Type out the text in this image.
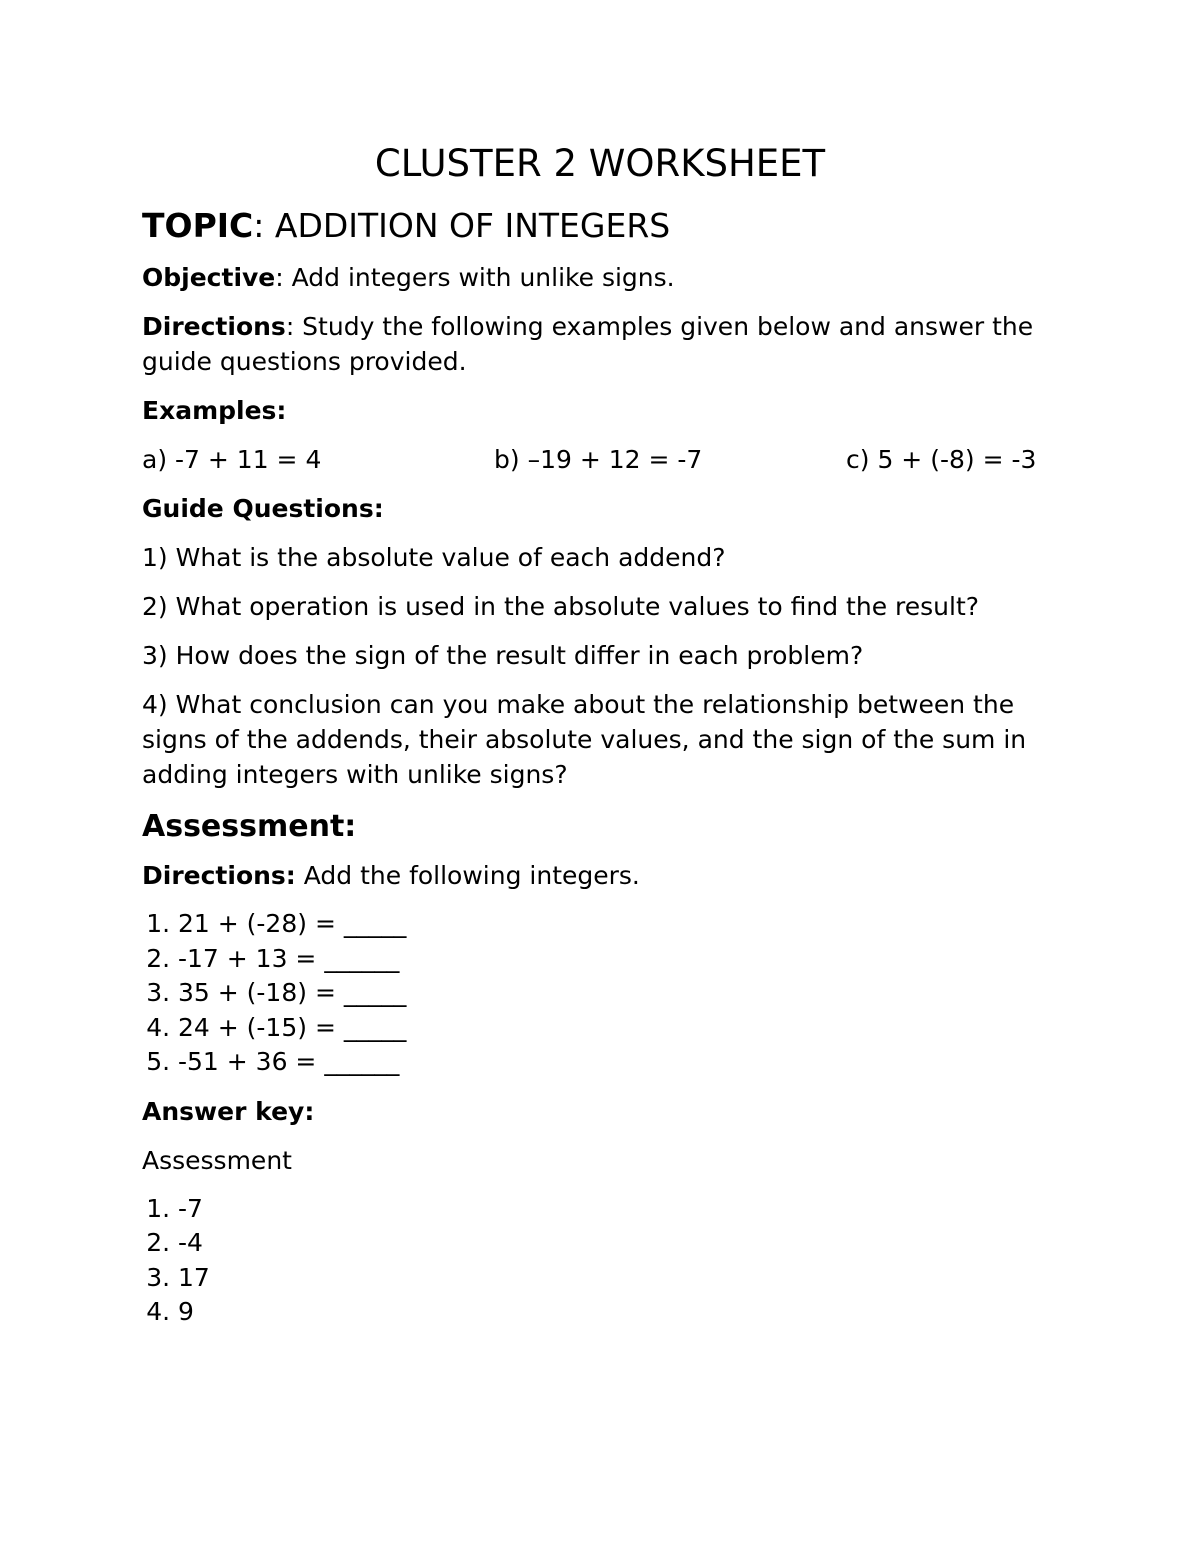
CLUSTER 2 WORKSHEET
TOPIC: ADDITION OF INTEGERS

Objective: Add integers with unlike signs.

Directions: Study the following examples given below and answer the guide questions provided.

Examples:

a) -7 + 11 = 4	b) –19 + 12 = -7	c) 5 + (-8) = -3

Guide Questions:

1) What is the absolute value of each addend?

2) What operation is used in the absolute values to find the result?

3) How does the sign of the result differ in each problem?

4) What conclusion can you make about the relationship between the signs of the addends, their absolute values, and the sign of the sum in adding integers with unlike signs?

Assessment:

Directions: Add the following integers.

1. 21 + (-28) = _____
2. -17 + 13 = ______
3. 35 + (-18) = _____
4. 24 + (-15) = _____
5. -51 + 36 = ______

Answer key:

Assessment

1. -7
2. -4
3. 17
4. 9
